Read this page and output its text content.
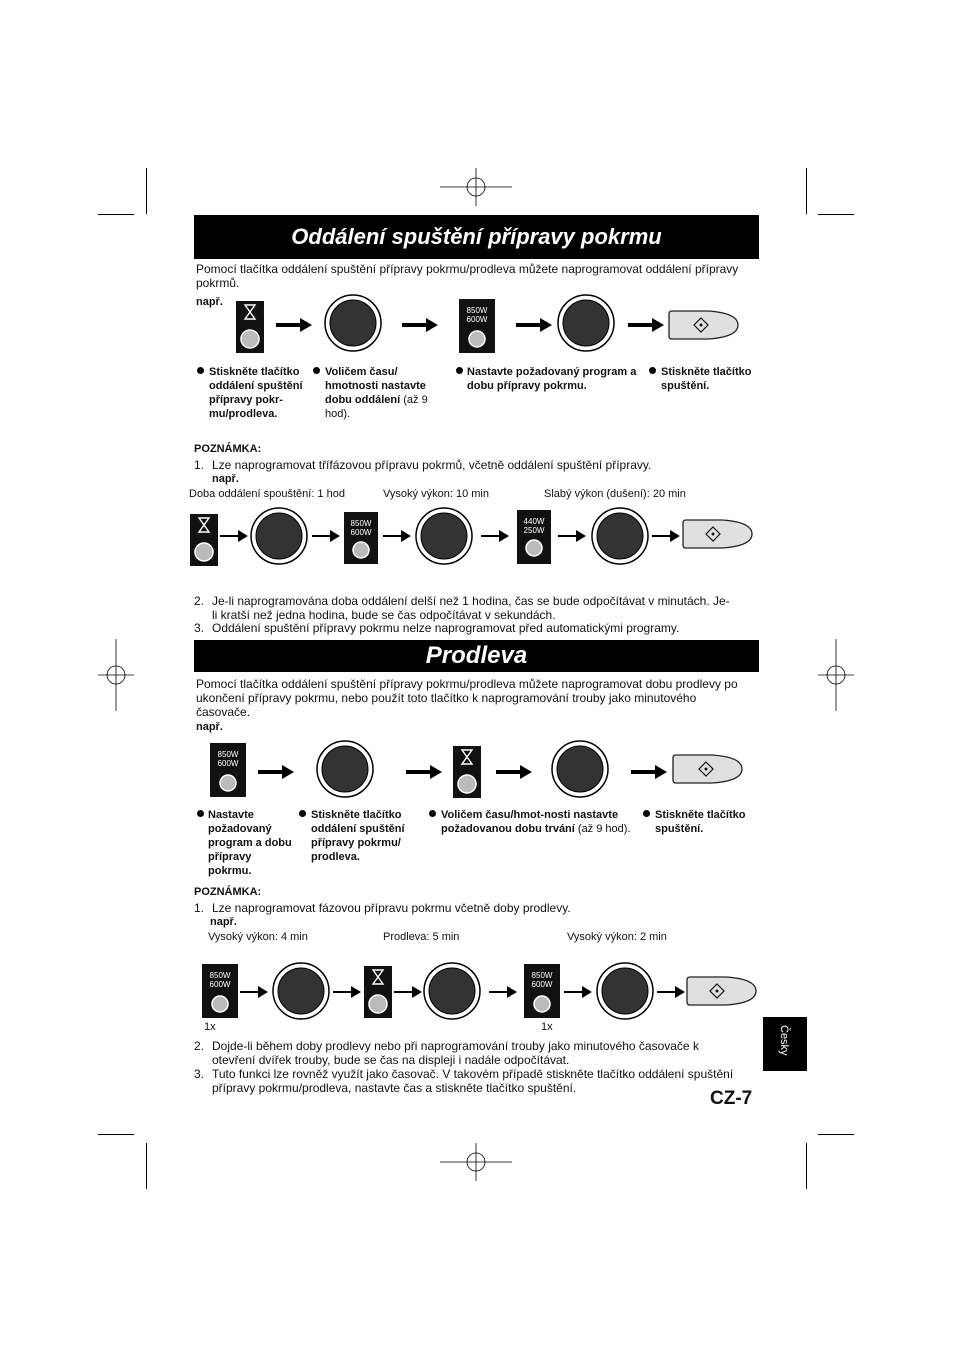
Oddálení spuštění přípravy pokrmu
Pomocí tlačítka oddálení spuštění přípravy pokrmu/prodleva můžete naprogramovat oddálení přípravy pokrmů.
např.
850W
600W
Stiskněte tlačítko oddálení spuštění přípravy pokr-mu/prodleva.
Voličem času/ hmotnosti nastavte dobu oddálení (až 9 hod).
Nastavte požadovaný program a dobu přípravy pokrmu.
Stiskněte tlačítko spuštění.
POZNÁMKA:
1. Lze naprogramovat třífázovou přípravu pokrmů, včetně oddálení spuštění přípravy.
např.
Doba oddálení spouštění: 1 hod	Vysoký výkon: 10 min	Slabý výkon (dušení): 20 min
850W
600W
440W
250W
2. Je-li naprogramována doba oddálení delší než 1 hodina, čas se bude odpočítávat v minutách. Je-
li kratší než jedna hodina, bude se čas odpočítávat v sekundách.
3. Oddálení spuštění přípravy pokrmu nelze naprogramovat před automatickými programy.
Prodleva
Pomocí tlačítka oddálení spuštění přípravy pokrmu/prodleva můžete naprogramovat dobu prodlevy po ukončení přípravy pokrmu, nebo použít toto tlačítko k naprogramování trouby jako minutového časovače.
např.
850W
600W
Nastavte požadovaný program a dobu přípravy pokrmu.
Stiskněte tlačítko oddálení spuštění přípravy pokrmu/ prodleva.
Voličem času/hmot-nosti nastavte požadovanou dobu trvání (až 9 hod).
Stiskněte tlačítko spuštění.
POZNÁMKA:
1. Lze naprogramovat fázovou přípravu pokrmu včetně doby prodlevy.
např.
Vysoký výkon: 4 min	Prodleva: 5 min	Vysoký výkon: 2 min
850W
600W
850W
600W
1x	1x
2. Dojde-li během doby prodlevy nebo při naprogramování trouby jako minutového časovače k
otevření dvířek trouby, bude se čas na displeji i nadále odpočítávat.
3. Tuto funkci lze rovněž využít jako časovač. V takovém případě stiskněte tlačítko oddálení spuštění
přípravy pokrmu/prodleva, nastavte čas a stiskněte tlačítko spuštění.
Česky
CZ-7
